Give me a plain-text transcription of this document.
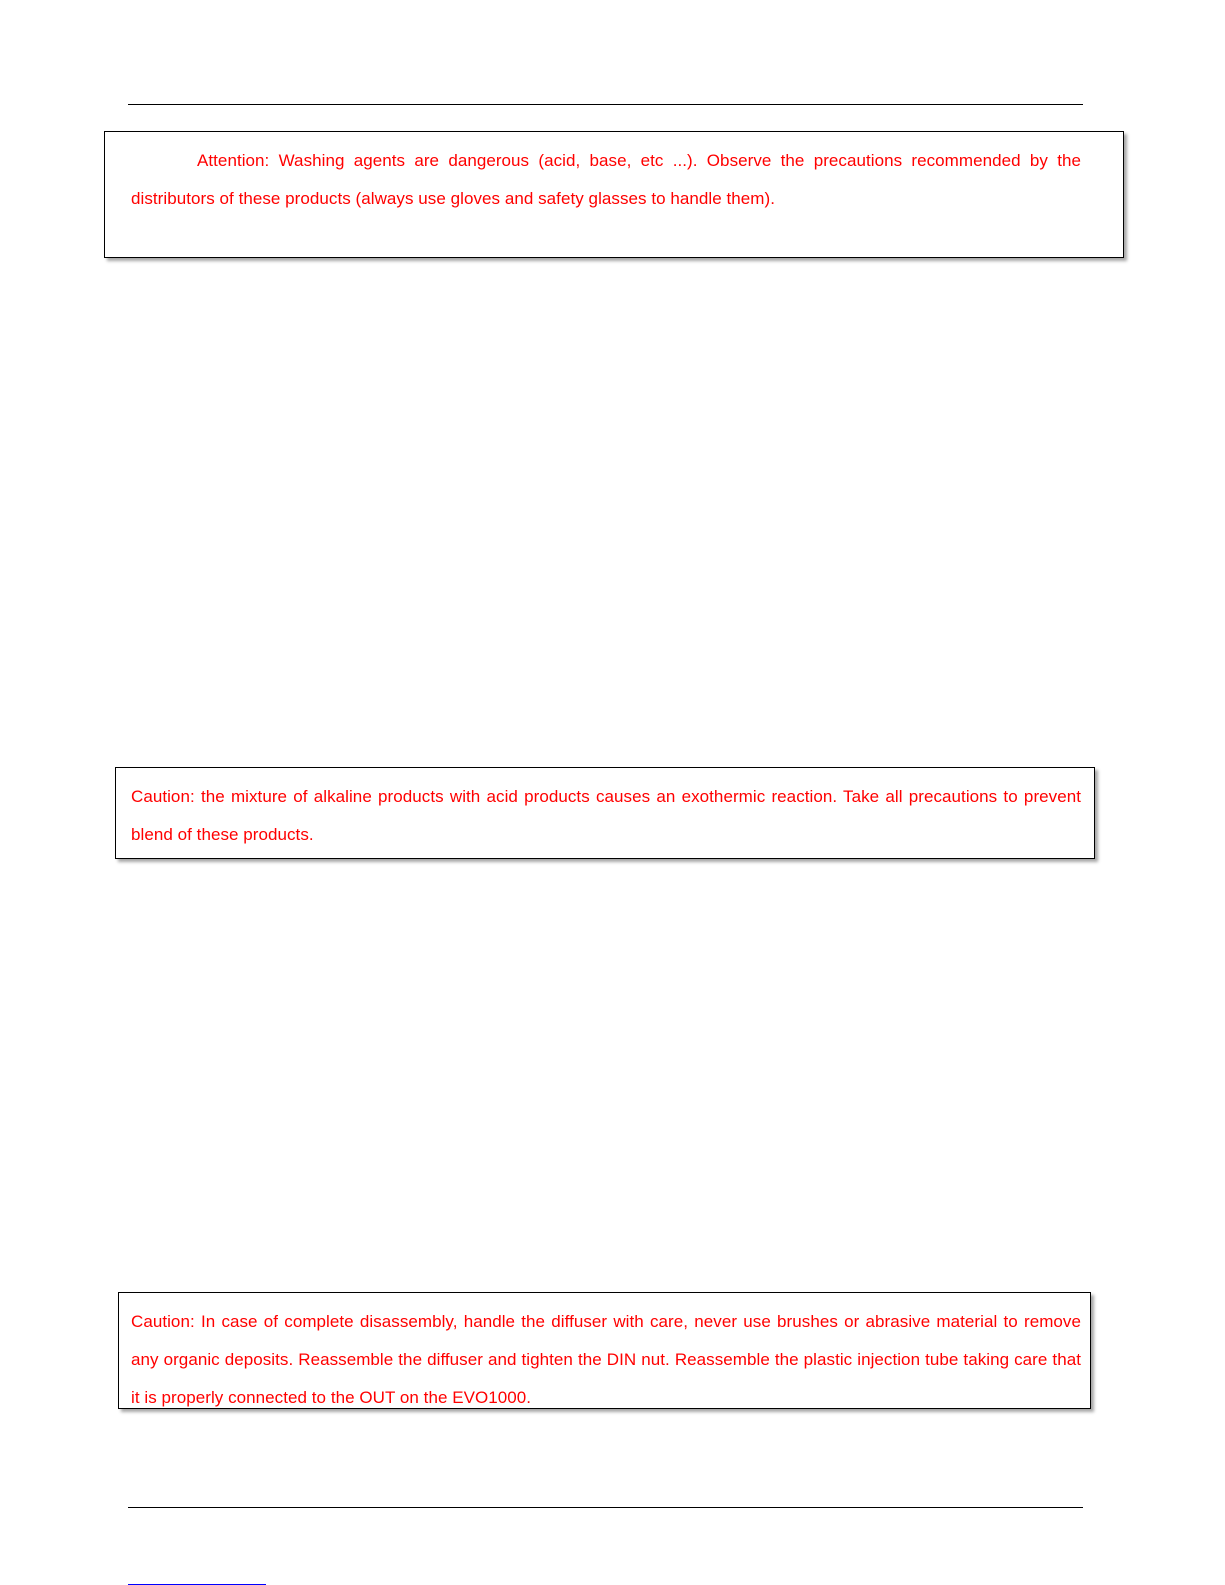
Attention: Washing agents are dangerous (acid, base, etc ...). Observe the precautions recommended by the distributors of these products (always use gloves and safety glasses to handle them).

Caution: the mixture of alkaline products with acid products causes an exothermic reaction. Take all precautions to prevent blend of these products.

Caution: In case of complete disassembly, handle the diffuser with care, never use brushes or abrasive material to remove any organic deposits. Reassemble the diffuser and tighten the DIN nut. Reassemble the plastic injection tube taking care that it is properly connected to the OUT on the EVO1000.
